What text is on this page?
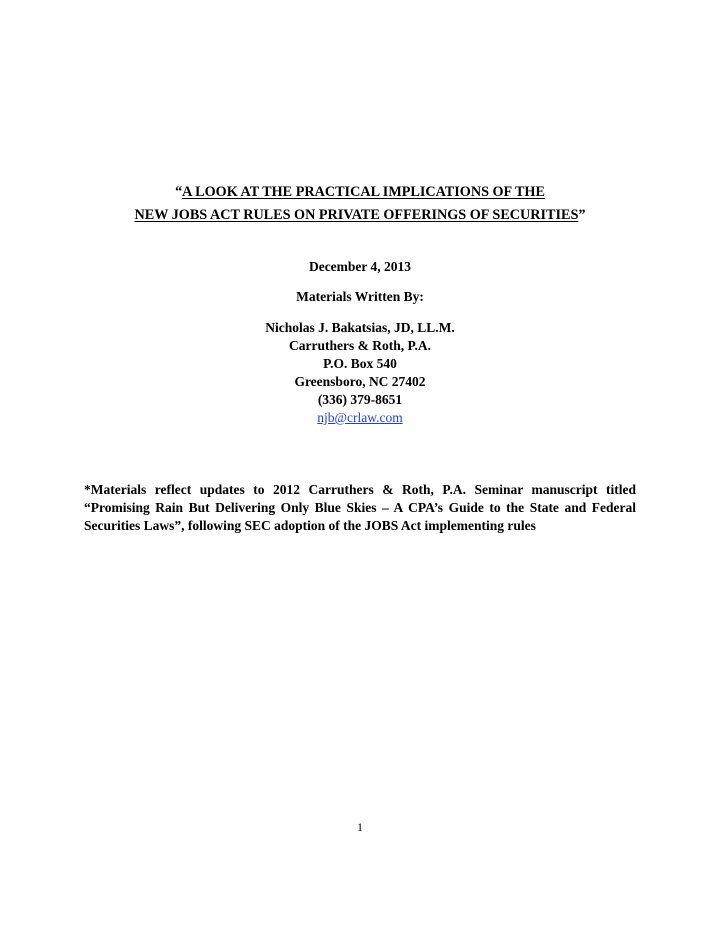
“A LOOK AT THE PRACTICAL IMPLICATIONS OF THE
NEW JOBS ACT RULES ON PRIVATE OFFERINGS OF SECURITIES”
December 4, 2013
Materials Written By:
Nicholas J. Bakatsias, JD, LL.M.
Carruthers & Roth, P.A.
P.O. Box 540
Greensboro, NC 27402
(336) 379-8651
njb@crlaw.com
*Materials reflect updates to 2012 Carruthers & Roth, P.A. Seminar manuscript titled “Promising Rain But Delivering Only Blue Skies – A CPA’s Guide to the State and Federal Securities Laws”, following SEC adoption of the JOBS Act implementing rules
1
